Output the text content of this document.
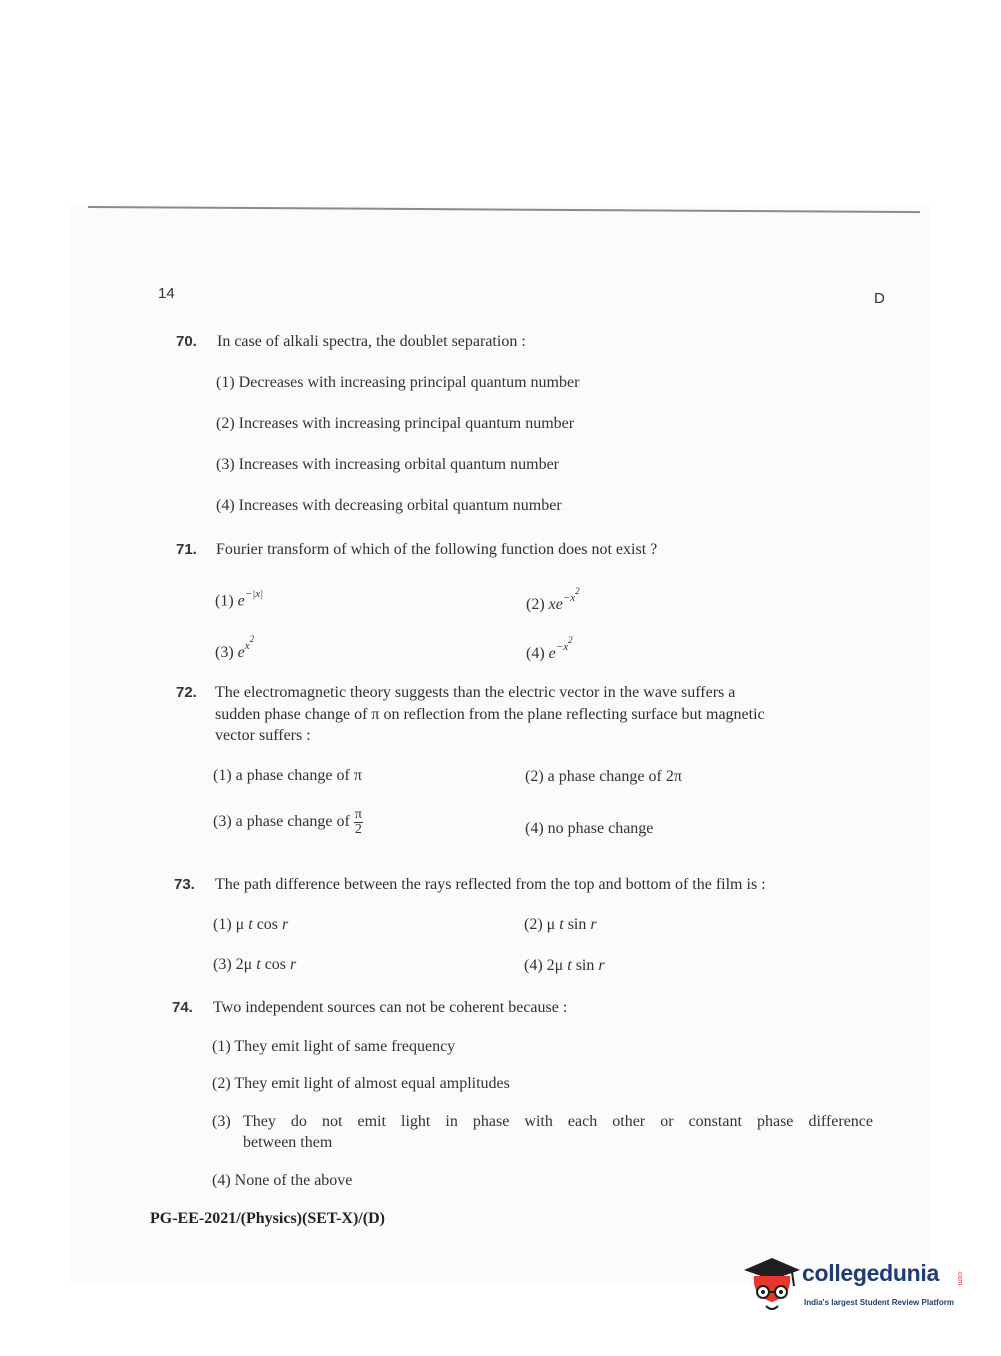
14	D
70. In case of alkali spectra, the doublet separation :
(1) Decreases with increasing principal quantum number
(2) Increases with increasing principal quantum number
(3) Increases with increasing orbital quantum number
(4) Increases with decreasing orbital quantum number
71. Fourier transform of which of the following function does not exist ?
(1) $e^{-|x|}$
(2) $xe^{-x^2}$
(3) $e^{x^2}$
(4) $e^{-x^2}$
72. The electromagnetic theory suggests than the electric vector in the wave suffers a
sudden phase change of π on reflection from the plane reflecting surface but magnetic
vector suffers :
(1) a phase change of π	(2) a phase change of 2π
(3) a phase change of $\frac{\pi}{2}$	(4) no phase change
73. The path difference between the rays reflected from the top and bottom of the film is :
(1) μ t cos r	(2) μ t sin r
(3) 2μ t cos r	(4) 2μ t sin r
74. Two independent sources can not be coherent because :
(1) They emit light of same frequency
(2) They emit light of almost equal amplitudes
(3) They do not emit light in phase with each other or constant phase difference
between them
(4) None of the above
PG-EE-2021/(Physics)(SET-X)/(D)
collegedunia .com
India's largest Student Review Platform
